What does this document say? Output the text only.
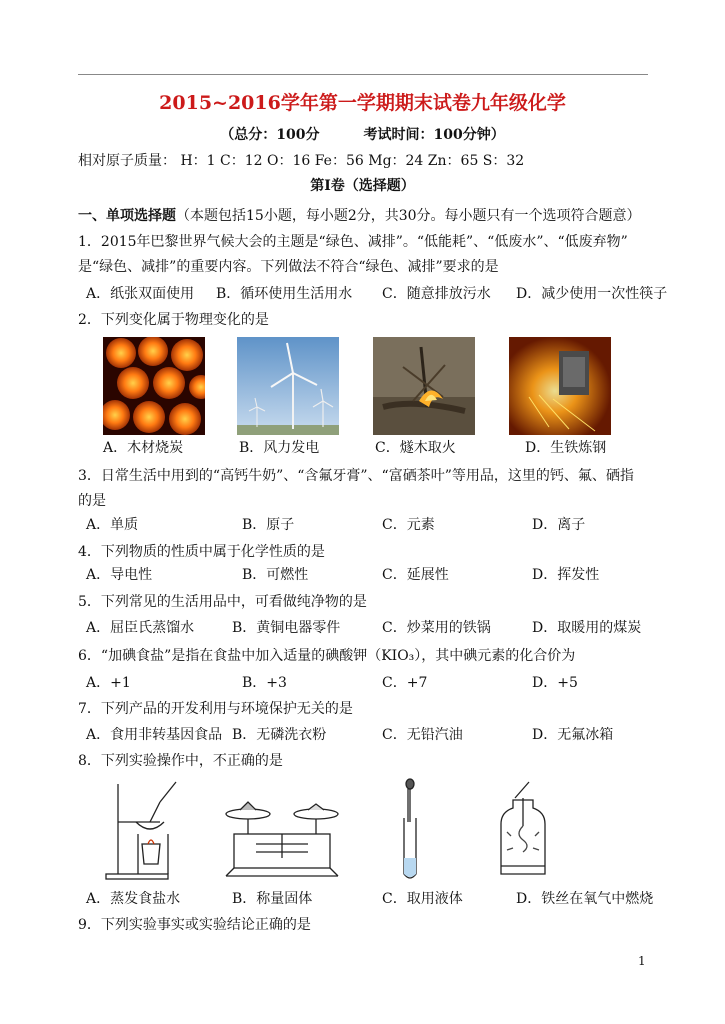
2015~2016学年第一学期期末试卷九年级化学
（总分：100分	考试时间：100分钟）
相对原子质量： H：1 C：12 O：16 Fe：56 Mg：24 Zn：65 S：32
第Ⅰ卷（选择题）
一、单项选择题（本题包括15小题，每小题2分，共30分。每小题只有一个选项符合题意）
1．2015年巴黎世界气候大会的主题是“绿色、减排”。“低能耗”、“低废水”、“低废弃物”
是“绿色、减排”的重要内容。下列做法不符合“绿色、减排”要求的是
A．纸张双面使用 B．循环使用生活用水 C．随意排放污水 D．减少使用一次性筷子
2．下列变化属于物理变化的是
A．木材烧炭	B．风力发电	C．燧木取火	D．生铁炼钢
3．日常生活中用到的“高钙牛奶”、“含氟牙膏”、“富硒茶叶”等用品，这里的钙、氟、硒指
的是
A．单质	B．原子	C．元素	D．离子
4．下列物质的性质中属于化学性质的是
A．导电性	B．可燃性	C．延展性	D．挥发性
5．下列常见的生活用品中，可看做纯净物的是
A．屈臣氏蒸馏水	B．黄铜电器零件	C．炒菜用的铁锅	D．取暖用的煤炭
6．“加碘食盐”是指在食盐中加入适量的碘酸钾（KIO₃），其中碘元素的化合价为
A．+1	B．+3	C．+7	D．+5
7．下列产品的开发利用与环境保护无关的是
A．食用非转基因食品 B．无磷洗衣粉	C．无铅汽油	D．无氟冰箱
8．下列实验操作中，不正确的是
A．蒸发食盐水	B．称量固体	C．取用液体	D．铁丝在氧气中燃烧
9．下列实验事实或实验结论正确的是
1
